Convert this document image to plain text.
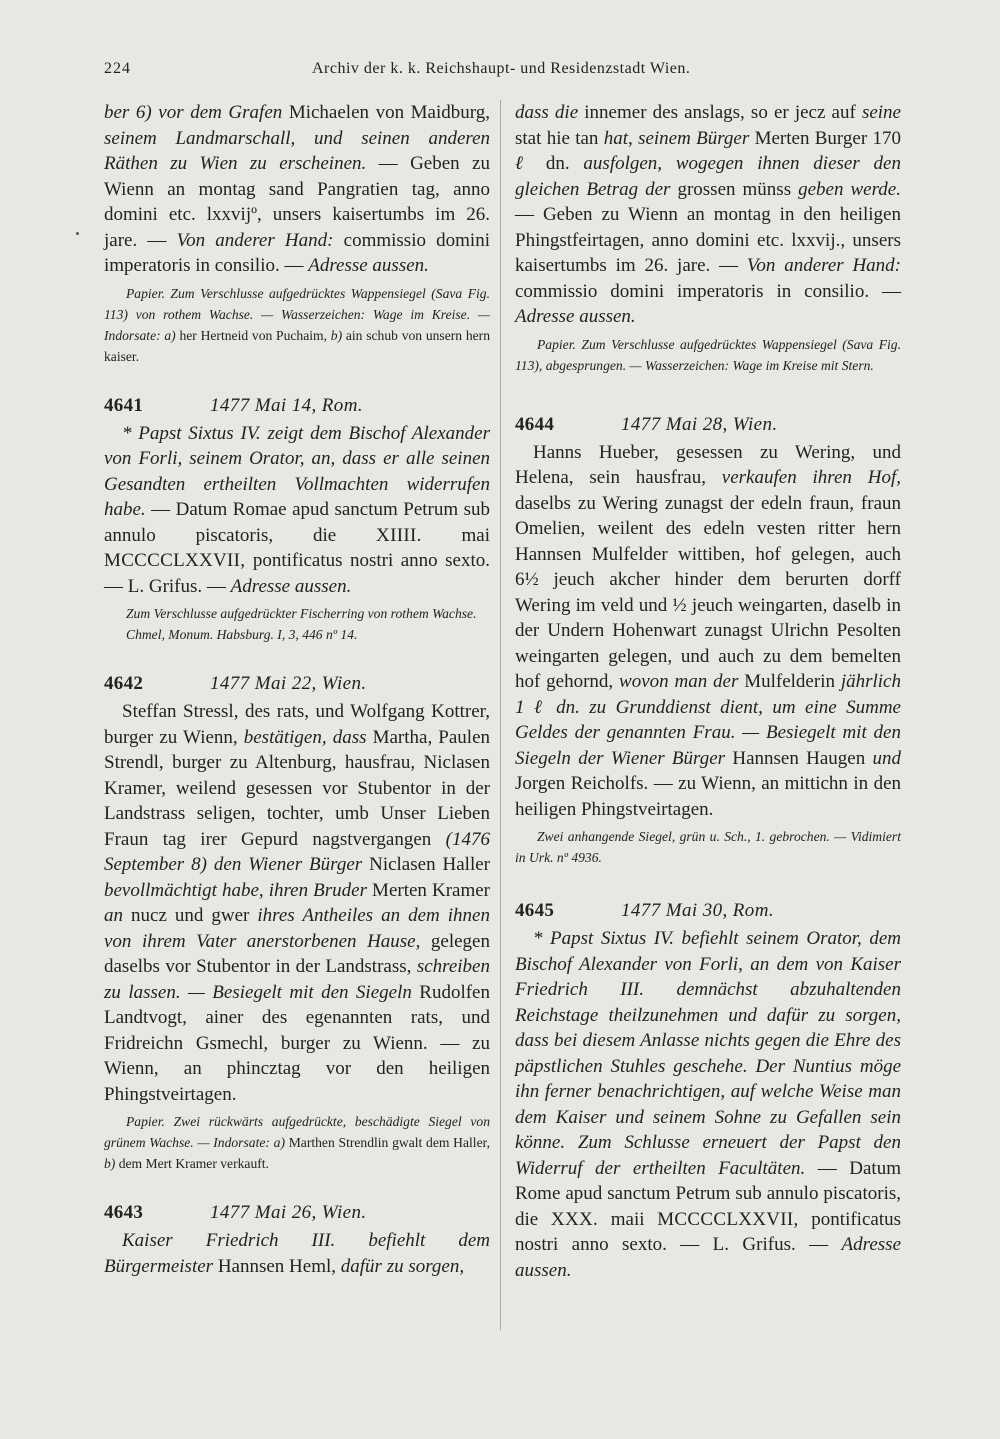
224	Archiv der k. k. Reichshaupt- und Residenzstadt Wien.

ber 6) vor dem Grafen Michaelen von Maidburg, seinem Landmarschall, und seinen anderen Räthen zu Wien zu erscheinen. — Geben zu Wienn an montag sand Pangratien tag, anno domini etc. lxxvijº, unsers kaisertumbs im 26. jare. — Von anderer Hand: commissio domini imperatoris in consilio. — Adresse aussen.

Papier. Zum Verschlusse aufgedrücktes Wappensiegel (Sava Fig. 113) von rothem Wachse. — Wasserzeichen: Wage im Kreise. — Indorsate: a) her Hertneid von Puchaim, b) ain schub von unsern hern kaiser.

4641	1477 Mai 14, Rom.

* Papst Sixtus IV. zeigt dem Bischof Alexander von Forli, seinem Orator, an, dass er alle seinen Gesandten ertheilten Vollmachten widerrufen habe. — Datum Romae apud sanctum Petrum sub annulo piscatoris, die XIIII. mai MCCCCLXXVII, pontificatus nostri anno sexto. — L. Grifus. — Adresse aussen.

Zum Verschlusse aufgedrückter Fischerring von rothem Wachse.

Chmel, Monum. Habsburg. I, 3, 446 nº 14.

4642	1477 Mai 22, Wien.

Steffan Stressl, des rats, und Wolfgang Kottrer, burger zu Wienn, bestätigen, dass Martha, Paulen Strendl, burger zu Altenburg, hausfrau, Niclasen Kramer, weilend gesessen vor Stubentor in der Landstrass seligen, tochter, umb Unser Lieben Fraun tag irer Gepurd nagstvergangen (1476 September 8) den Wiener Bürger Niclasen Haller bevollmächtigt habe, ihren Bruder Merten Kramer an nucz und gwer ihres Antheiles an dem ihnen von ihrem Vater anerstorbenen Hause, gelegen daselbs vor Stubentor in der Landstrass, schreiben zu lassen. — Besiegelt mit den Siegeln Rudolfen Landtvogt, ainer des egenannten rats, und Fridreichn Gsmechl, burger zu Wienn. — zu Wienn, an phincztag vor den heiligen Phingstveirtagen.

Papier. Zwei rückwärts aufgedrückte, beschädigte Siegel von grünem Wachse. — Indorsate: a) Marthen Strendlin gwalt dem Haller, b) dem Mert Kramer verkauft.

4643	1477 Mai 26, Wien.

Kaiser Friedrich III. befiehlt dem Bürgermeister Hannsen Heml, dafür zu sorgen,

dass die innemer des anslags, so er jecz auf seine stat hie tan hat, seinem Bürger Merten Burger 170 ℓ dn. ausfolgen, wogegen ihnen dieser den gleichen Betrag der grossen münss geben werde. — Geben zu Wienn an montag in den heiligen Phingstfeirtagen, anno domini etc. lxxvij., unsers kaisertumbs im 26. jare. — Von anderer Hand: commissio domini imperatoris in consilio. — Adresse aussen.

Papier. Zum Verschlusse aufgedrücktes Wappensiegel (Sava Fig. 113), abgesprungen. — Wasserzeichen: Wage im Kreise mit Stern.

4644	1477 Mai 28, Wien.

Hanns Hueber, gesessen zu Wering, und Helena, sein hausfrau, verkaufen ihren Hof, daselbs zu Wering zunagst der edeln fraun, fraun Omelien, weilent des edeln vesten ritter hern Hannsen Mulfelder wittiben, hof gelegen, auch 6½ jeuch akcher hinder dem berurten dorff Wering im veld und ½ jeuch weingarten, daselb in der Undern Hohenwart zunagst Ulrichn Pesolten weingarten gelegen, und auch zu dem bemelten hof gehornd, wovon man der Mulfelderin jährlich 1 ℓ dn. zu Grunddienst dient, um eine Summe Geldes der genannten Frau. — Besiegelt mit den Siegeln der Wiener Bürger Hannsen Haugen und Jorgen Reicholfs. — zu Wienn, an mittichn in den heiligen Phingstveirtagen.

Zwei anhangende Siegel, grün u. Sch., 1. gebrochen. — Vidimiert in Urk. nº 4936.

4645	1477 Mai 30, Rom.

* Papst Sixtus IV. befiehlt seinem Orator, dem Bischof Alexander von Forli, an dem von Kaiser Friedrich III. demnächst abzuhaltenden Reichstage theilzunehmen und dafür zu sorgen, dass bei diesem Anlasse nichts gegen die Ehre des päpstlichen Stuhles geschehe. Der Nuntius möge ihn ferner benachrichtigen, auf welche Weise man dem Kaiser und seinem Sohne zu Gefallen sein könne. Zum Schlusse erneuert der Papst den Widerruf der ertheilten Facultäten. — Datum Rome apud sanctum Petrum sub annulo piscatoris, die XXX. maii MCCCCLXXVII, pontificatus nostri anno sexto. — L. Grifus. — Adresse aussen.
